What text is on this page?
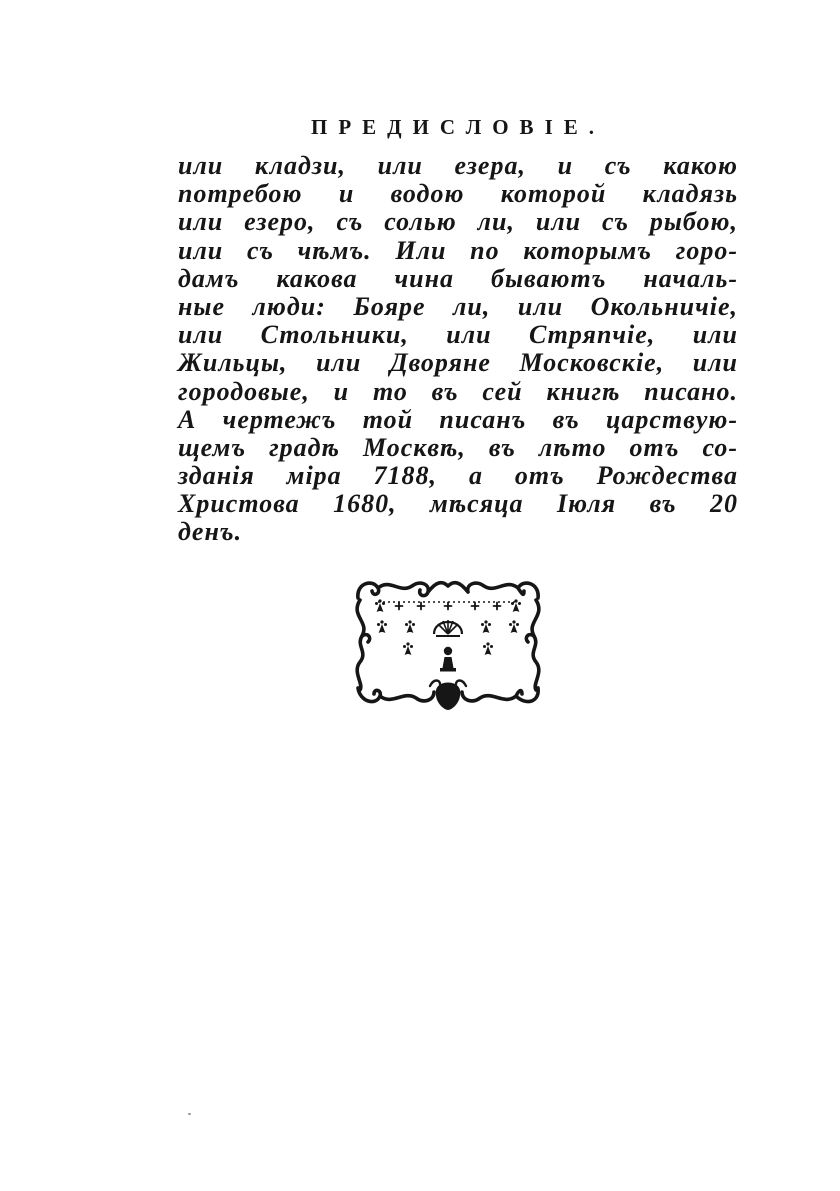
ПРЕДИСЛОВІЕ.
или кладзи, или езера, и съ какою
потребою и водою которой кладязь
или езеро, съ солью ли, или съ рыбою,
или съ чѣмъ. Или по которымъ горо-
дамъ какова чина бываютъ началь-
ные люди: Бояре ли, или Окольничіе,
или Стольники, или Стряпчіе, или
Жильцы, или Дворяне Московскіе, или
городовые, и то въ сей книгѣ писано.
А чертежъ той писанъ въ царствую-
щемъ градѣ Москвѣ, въ лѣто отъ со-
зданія міра 7188, а отъ Рождества
Христова 1680, мѣсяца Іюля въ 20
денъ.
